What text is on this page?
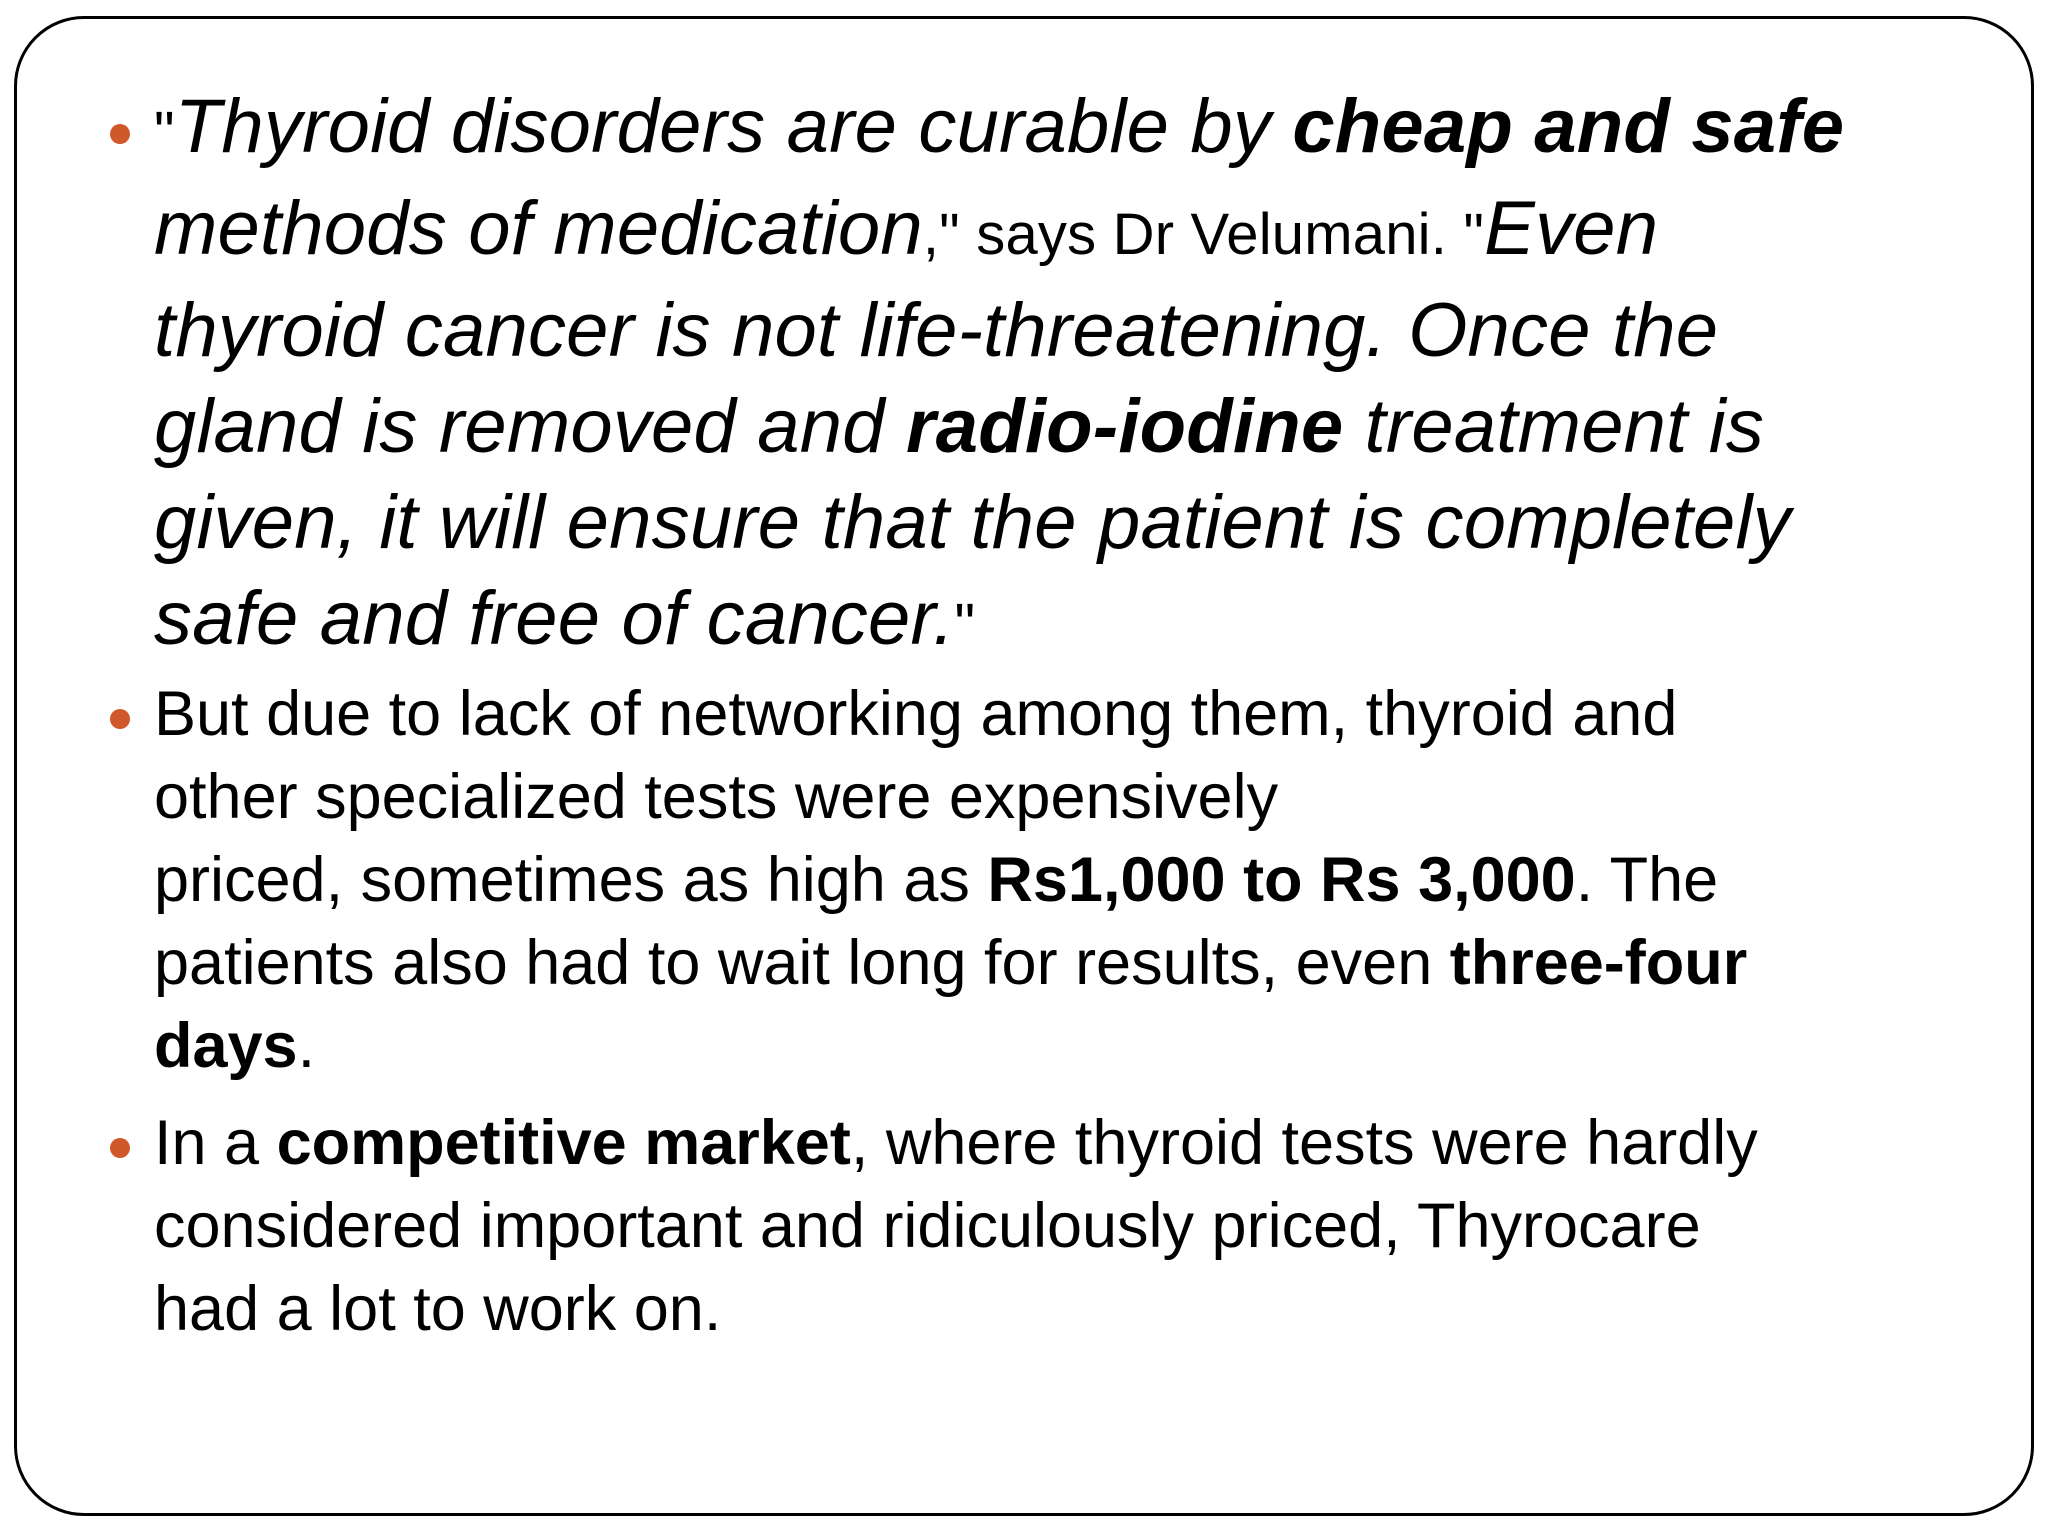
"Thyroid disorders are curable by cheap and safe
methods of medication," says Dr Velumani. "Even
thyroid cancer is not life-threatening. Once the
gland is removed and radio-iodine treatment is
given, it will ensure that the patient is completely
safe and free of cancer."
But due to lack of networking among them, thyroid and
other specialized tests were expensively
priced, sometimes as high as Rs1,000 to Rs 3,000. The
patients also had to wait long for results, even three-four
days.
In a competitive market, where thyroid tests were hardly
considered important and ridiculously priced, Thyrocare
had a lot to work on.
